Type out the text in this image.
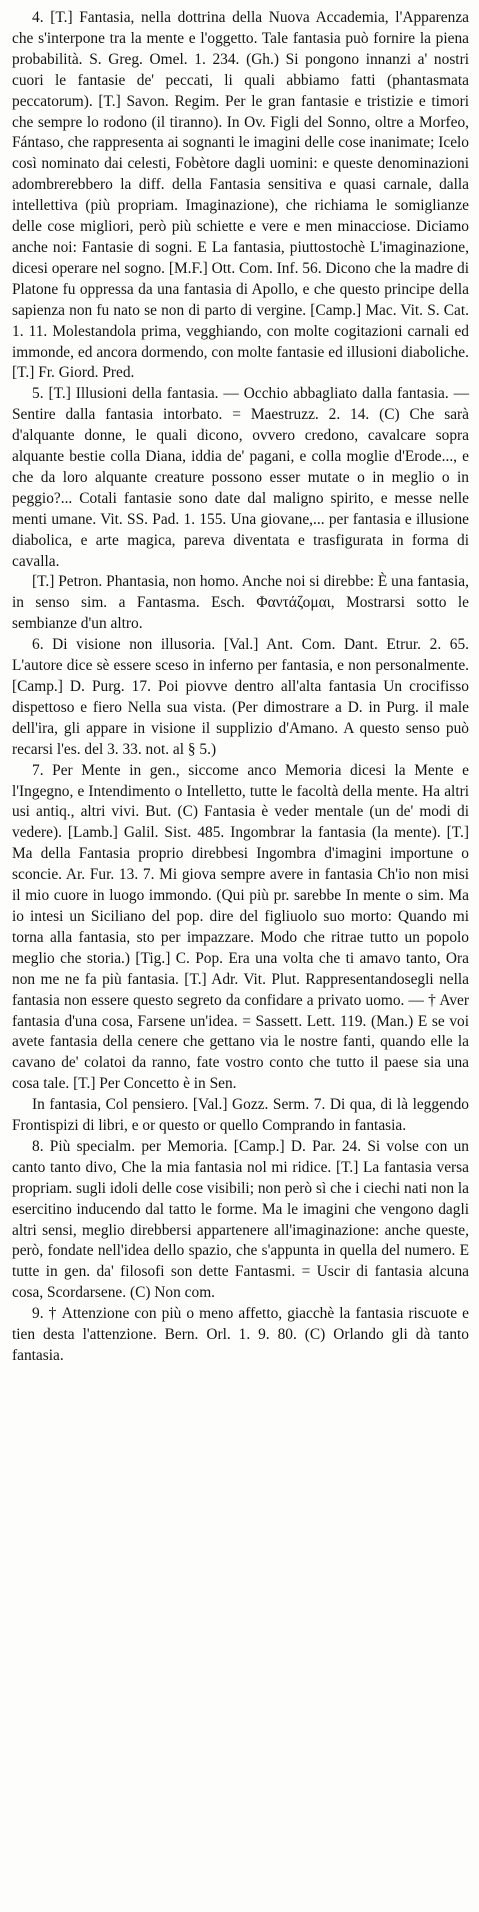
4. [T.] Fantasia, nella dottrina della Nuova Accademia, l'Apparenza che s'interpone tra la mente e l'oggetto. Tale fantasia può fornire la piena probabilità. S. Greg. Omel. 1. 234. (Gh.) Si pongono innanzi a' nostri cuori le fantasie de' peccati, li quali abbiamo fatti (phantasmata peccatorum). [T.] Savon. Regim. Per le gran fantasie e tristizie e timori che sempre lo rodono (il tiranno). In Ov. Figli del Sonno, oltre a Morfeo, Fántaso, che rappresenta ai sognanti le imagini delle cose inanimate; Icelo così nominato dai celesti, Fobètore dagli uomini: e queste denominazioni adombrerebbero la diff. della Fantasia sensitiva e quasi carnale, dalla intellettiva (più propriam. Imaginazione), che richiama le somiglianze delle cose migliori, però più schiette e vere e men minacciose. Diciamo anche noi: Fantasie di sogni. E La fantasia, piuttostochè L'imaginazione, dicesi operare nel sogno. [M.F.] Ott. Com. Inf. 56. Dicono che la madre di Platone fu oppressa da una fantasia di Apollo, e che questo principe della sapienza non fu nato se non di parto di vergine. [Camp.] Mac. Vit. S. Cat. 1. 11. Molestandola prima, vegghiando, con molte cogitazioni carnali ed immonde, ed ancora dormendo, con molte fantasie ed illusioni diaboliche. [T.] Fr. Giord. Pred.

5. [T.] Illusioni della fantasia. — Occhio abbagliato dalla fantasia. — Sentire dalla fantasia intorbato. = Maestruzz. 2. 14. (C) Che sarà d'alquante donne, le quali dicono, ovvero credono, cavalcare sopra alquante bestie colla Diana, iddia de' pagani, e colla moglie d'Erode..., e che da loro alquante creature possono esser mutate o in meglio o in peggio?... Cotali fantasie sono date dal maligno spirito, e messe nelle menti umane. Vit. SS. Pad. 1. 155. Una giovane,... per fantasia e illusione diabolica, e arte magica, pareva diventata e trasfigurata in forma di cavalla.

[T.] Petron. Phantasia, non homo. Anche noi si direbbe: È una fantasia, in senso sim. a Fantasma. Esch. Φαντάζομαι, Mostrarsi sotto le sembianze d'un altro.

6. Di visione non illusoria. [Val.] Ant. Com. Dant. Etrur. 2. 65. L'autore dice sè essere sceso in inferno per fantasia, e non personalmente. [Camp.] D. Purg. 17. Poi piovve dentro all'alta fantasia Un crocifisso dispettoso e fiero Nella sua vista. (Per dimostrare a D. in Purg. il male dell'ira, gli appare in visione il supplizio d'Amano. A questo senso può recarsi l'es. del 3. 33. not. al § 5.)

7. Per Mente in gen., siccome anco Memoria dicesi la Mente e l'Ingegno, e Intendimento o Intelletto, tutte le facoltà della mente. Ha altri usi antiq., altri vivi. But. (C) Fantasia è veder mentale (un de' modi di vedere). [Lamb.] Galil. Sist. 485. Ingombrar la fantasia (la mente). [T.] Ma della Fantasia proprio direbbesi Ingombra d'imagini importune o sconcie. Ar. Fur. 13. 7. Mi giova sempre avere in fantasia Ch'io non misi il mio cuore in luogo immondo. (Qui più pr. sarebbe In mente o sim. Ma io intesi un Siciliano del pop. dire del figliuolo suo morto: Quando mi torna alla fantasia, sto per impazzare. Modo che ritrae tutto un popolo meglio che storia.) [Tig.] C. Pop. Era una volta che ti amavo tanto, Ora non me ne fa più fantasia. [T.] Adr. Vit. Plut. Rappresentandosegli nella fantasia non essere questo segreto da confidare a privato uomo. — † Aver fantasia d'una cosa, Farsene un'idea. = Sassett. Lett. 119. (Man.) E se voi avete fantasia della cenere che gettano via le nostre fanti, quando elle la cavano de' colatoi da ranno, fate vostro conto che tutto il paese sia una cosa tale. [T.] Per Concetto è in Sen.

In fantasia, Col pensiero. [Val.] Gozz. Serm. 7. Di qua, di là leggendo Frontispizi di libri, e or questo or quello Comprando in fantasia.

8. Più specialm. per Memoria. [Camp.] D. Par. 24. Si volse con un canto tanto divo, Che la mia fantasia nol mi ridice. [T.] La fantasia versa propriam. sugli idoli delle cose visibili; non però sì che i ciechi nati non la esercitino inducendo dal tatto le forme. Ma le imagini che vengono dagli altri sensi, meglio direbbersi appartenere all'imaginazione: anche queste, però, fondate nell'idea dello spazio, che s'appunta in quella del numero. E tutte in gen. da' filosofi son dette Fantasmi. = Uscir di fantasia alcuna cosa, Scordarsene. (C) Non com.

9. † Attenzione con più o meno affetto, giacchè la fantasia riscuote e tien desta l'attenzione. Bern. Orl. 1. 9. 80. (C) Orlando gli dà tanto fantasia.
